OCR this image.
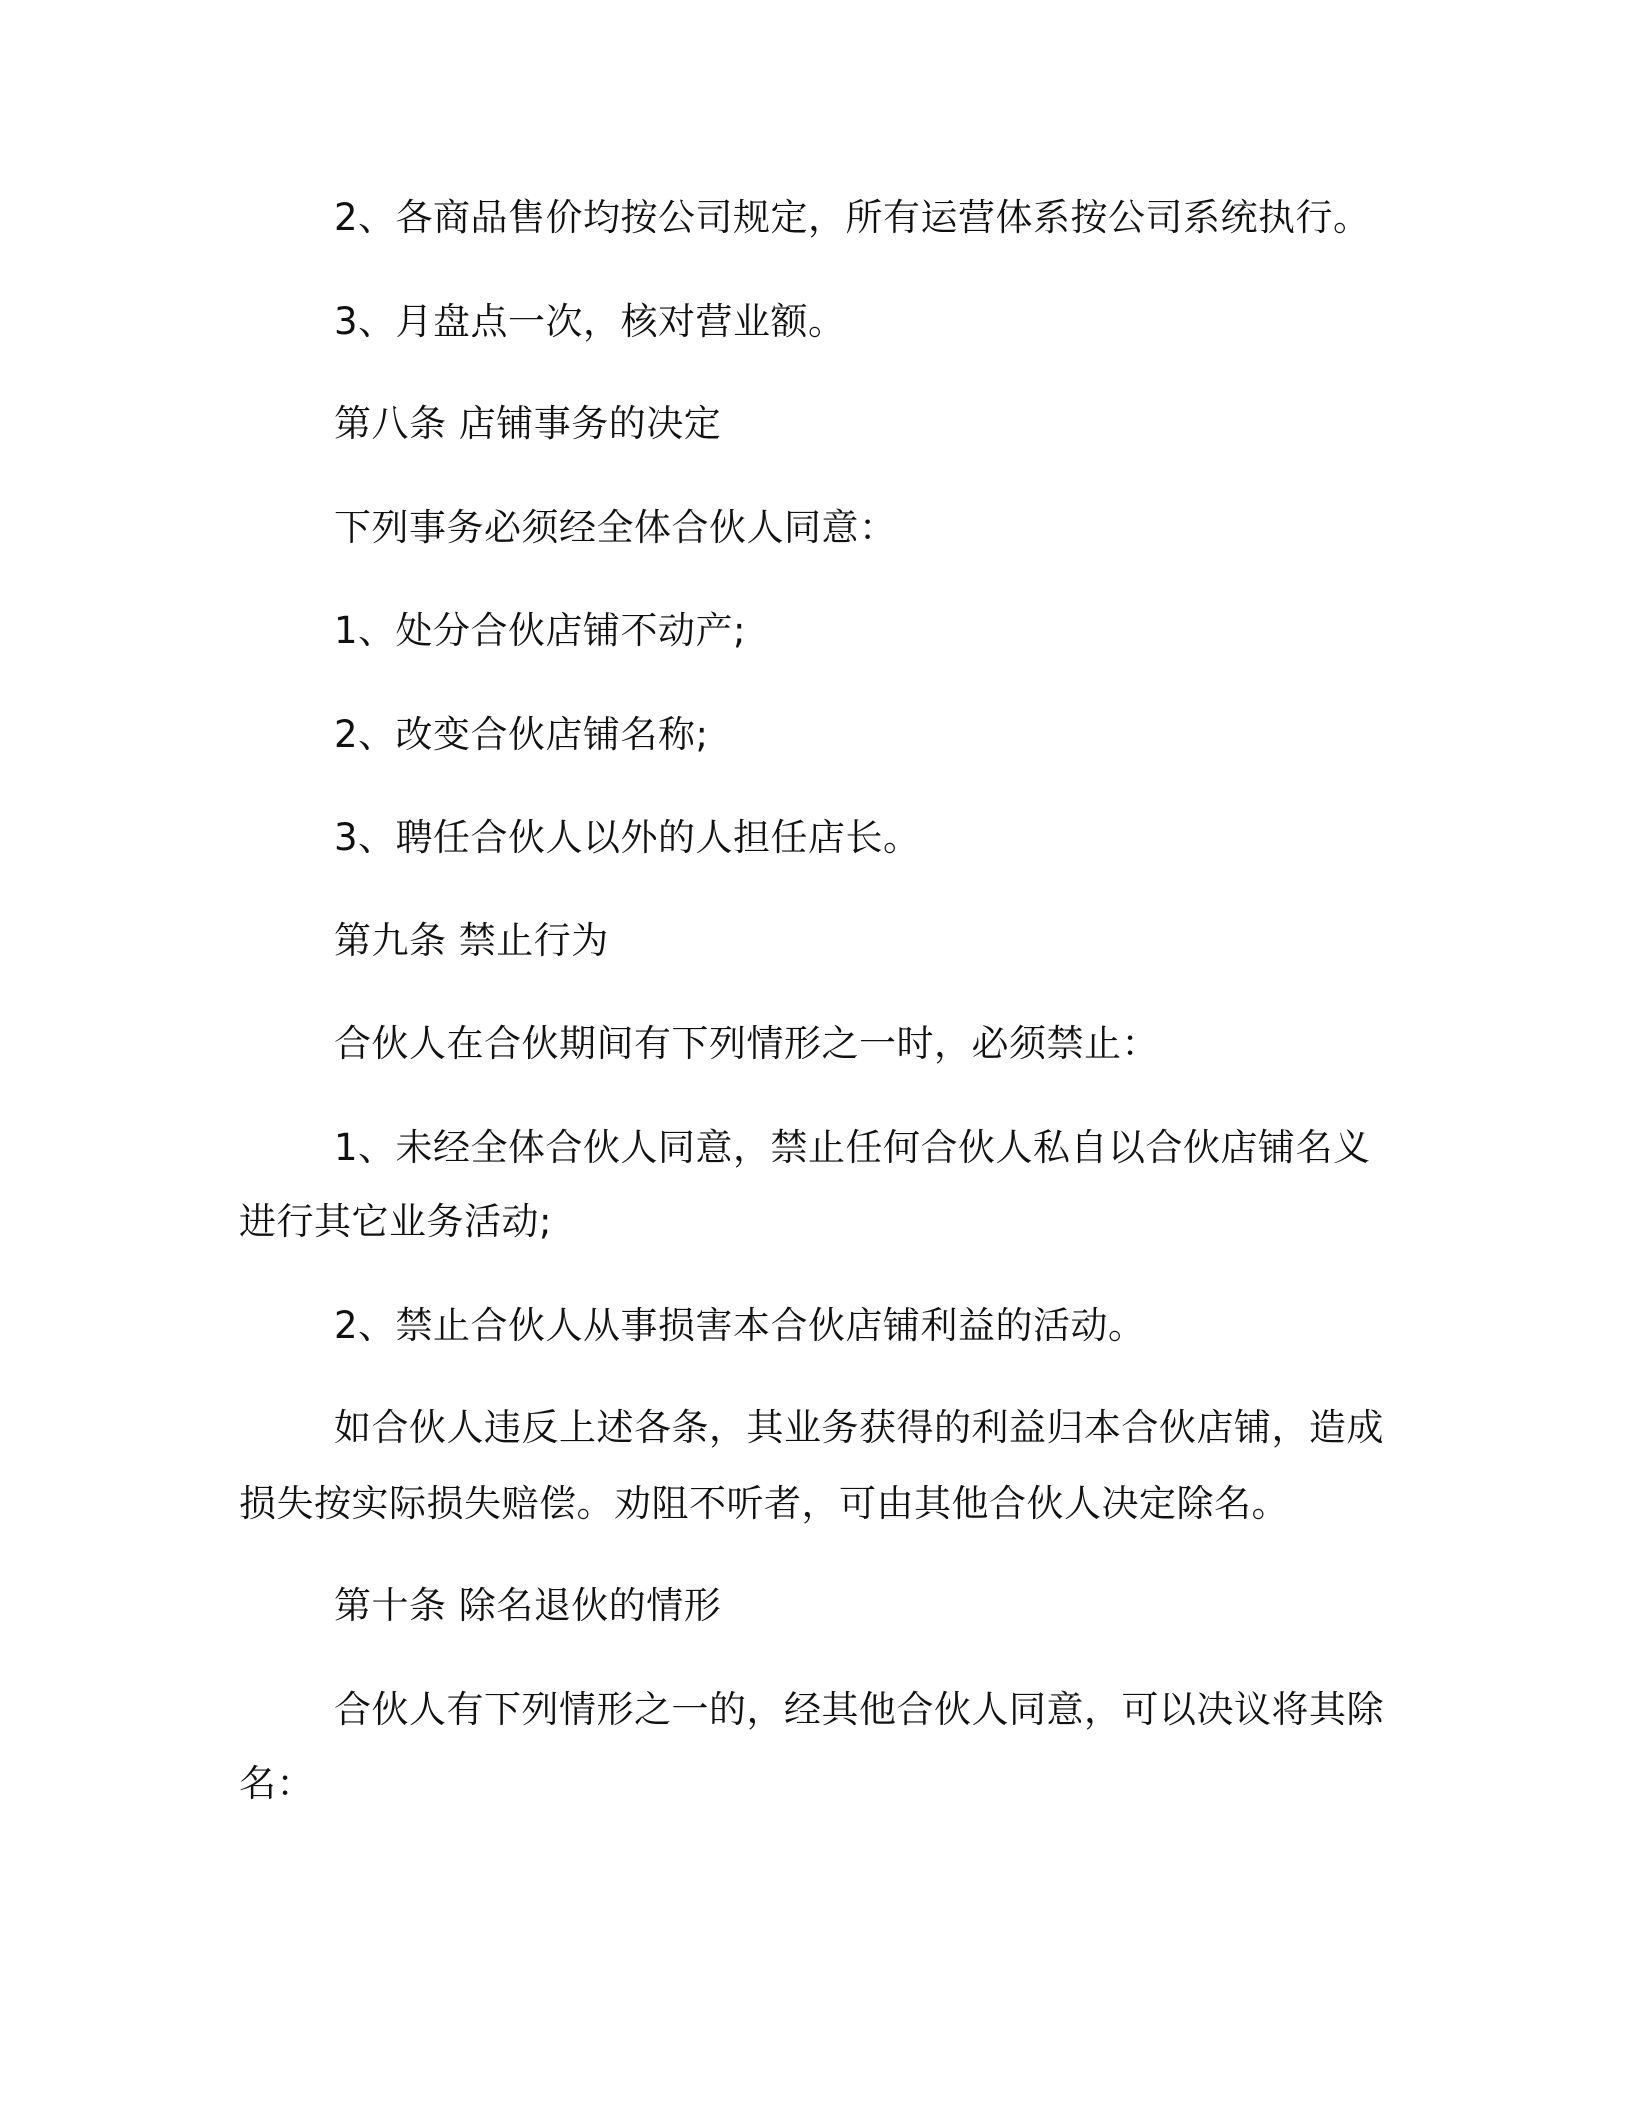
2、各商品售价均按公司规定，所有运营体系按公司系统执行。
3、月盘点一次，核对营业额。
第八条 店铺事务的决定
下列事务必须经全体合伙人同意：
1、处分合伙店铺不动产;
2、改变合伙店铺名称;
3、聘任合伙人以外的人担任店长。
第九条 禁止行为
合伙人在合伙期间有下列情形之一时，必须禁止：
1、未经全体合伙人同意，禁止任何合伙人私自以合伙店铺名义
进行其它业务活动;
2、禁止合伙人从事损害本合伙店铺利益的活动。
如合伙人违反上述各条，其业务获得的利益归本合伙店铺，造成
损失按实际损失赔偿。劝阻不听者，可由其他合伙人决定除名。
第十条 除名退伙的情形
合伙人有下列情形之一的，经其他合伙人同意，可以决议将其除
名：
